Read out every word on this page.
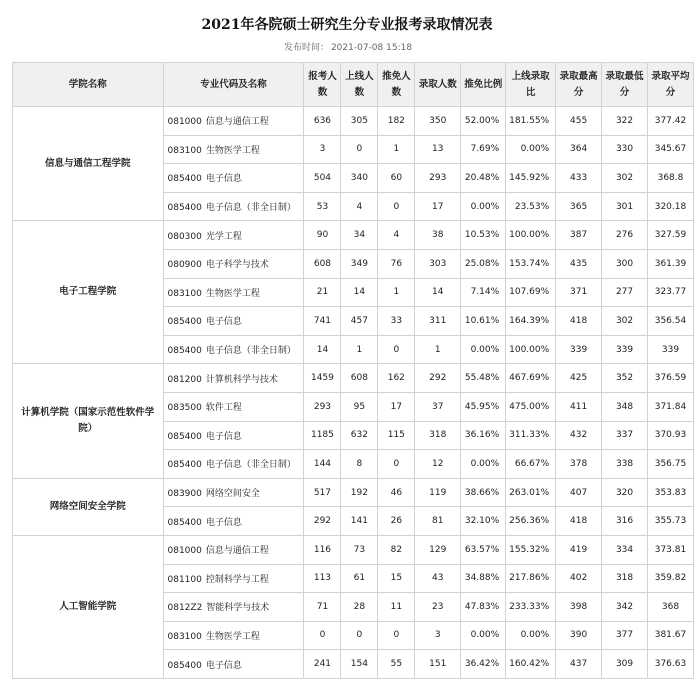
2021年各院硕士研究生分专业报考录取情况表
发布时间： 2021-07-08 15:18
学院名称	专业代码及名称	报考人数	上线人数	推免人数	录取人数	推免比例	上线录取比	录取最高分	录取最低分	录取平均分
信息与通信工程学院	081000 信息与通信工程	636	305	182	350	52.00%	181.55%	455	322	377.42
	083100 生物医学工程	3	0	1	13	7.69%	0.00%	364	330	345.67
	085400 电子信息	504	340	60	293	20.48%	145.92%	433	302	368.8
	085400 电子信息（非全日制）	53	4	0	17	0.00%	23.53%	365	301	320.18
电子工程学院	080300 光学工程	90	34	4	38	10.53%	100.00%	387	276	327.59
	080900 电子科学与技术	608	349	76	303	25.08%	153.74%	435	300	361.39
	083100 生物医学工程	21	14	1	14	7.14%	107.69%	371	277	323.77
	085400 电子信息	741	457	33	311	10.61%	164.39%	418	302	356.54
	085400 电子信息（非全日制）	14	1	0	1	0.00%	100.00%	339	339	339
计算机学院（国家示范性软件学院）	081200 计算机科学与技术	1459	608	162	292	55.48%	467.69%	425	352	376.59
	083500 软件工程	293	95	17	37	45.95%	475.00%	411	348	371.84
	085400 电子信息	1185	632	115	318	36.16%	311.33%	432	337	370.93
	085400 电子信息（非全日制）	144	8	0	12	0.00%	66.67%	378	338	356.75
网络空间安全学院	083900 网络空间安全	517	192	46	119	38.66%	263.01%	407	320	353.83
	085400 电子信息	292	141	26	81	32.10%	256.36%	418	316	355.73
人工智能学院	081000 信息与通信工程	116	73	82	129	63.57%	155.32%	419	334	373.81
	081100 控制科学与工程	113	61	15	43	34.88%	217.86%	402	318	359.82
	0812Z2 智能科学与技术	71	28	11	23	47.83%	233.33%	398	342	368
	083100 生物医学工程	0	0	0	3	0.00%	0.00%	390	377	381.67
	085400 电子信息	241	154	55	151	36.42%	160.42%	437	309	376.63
